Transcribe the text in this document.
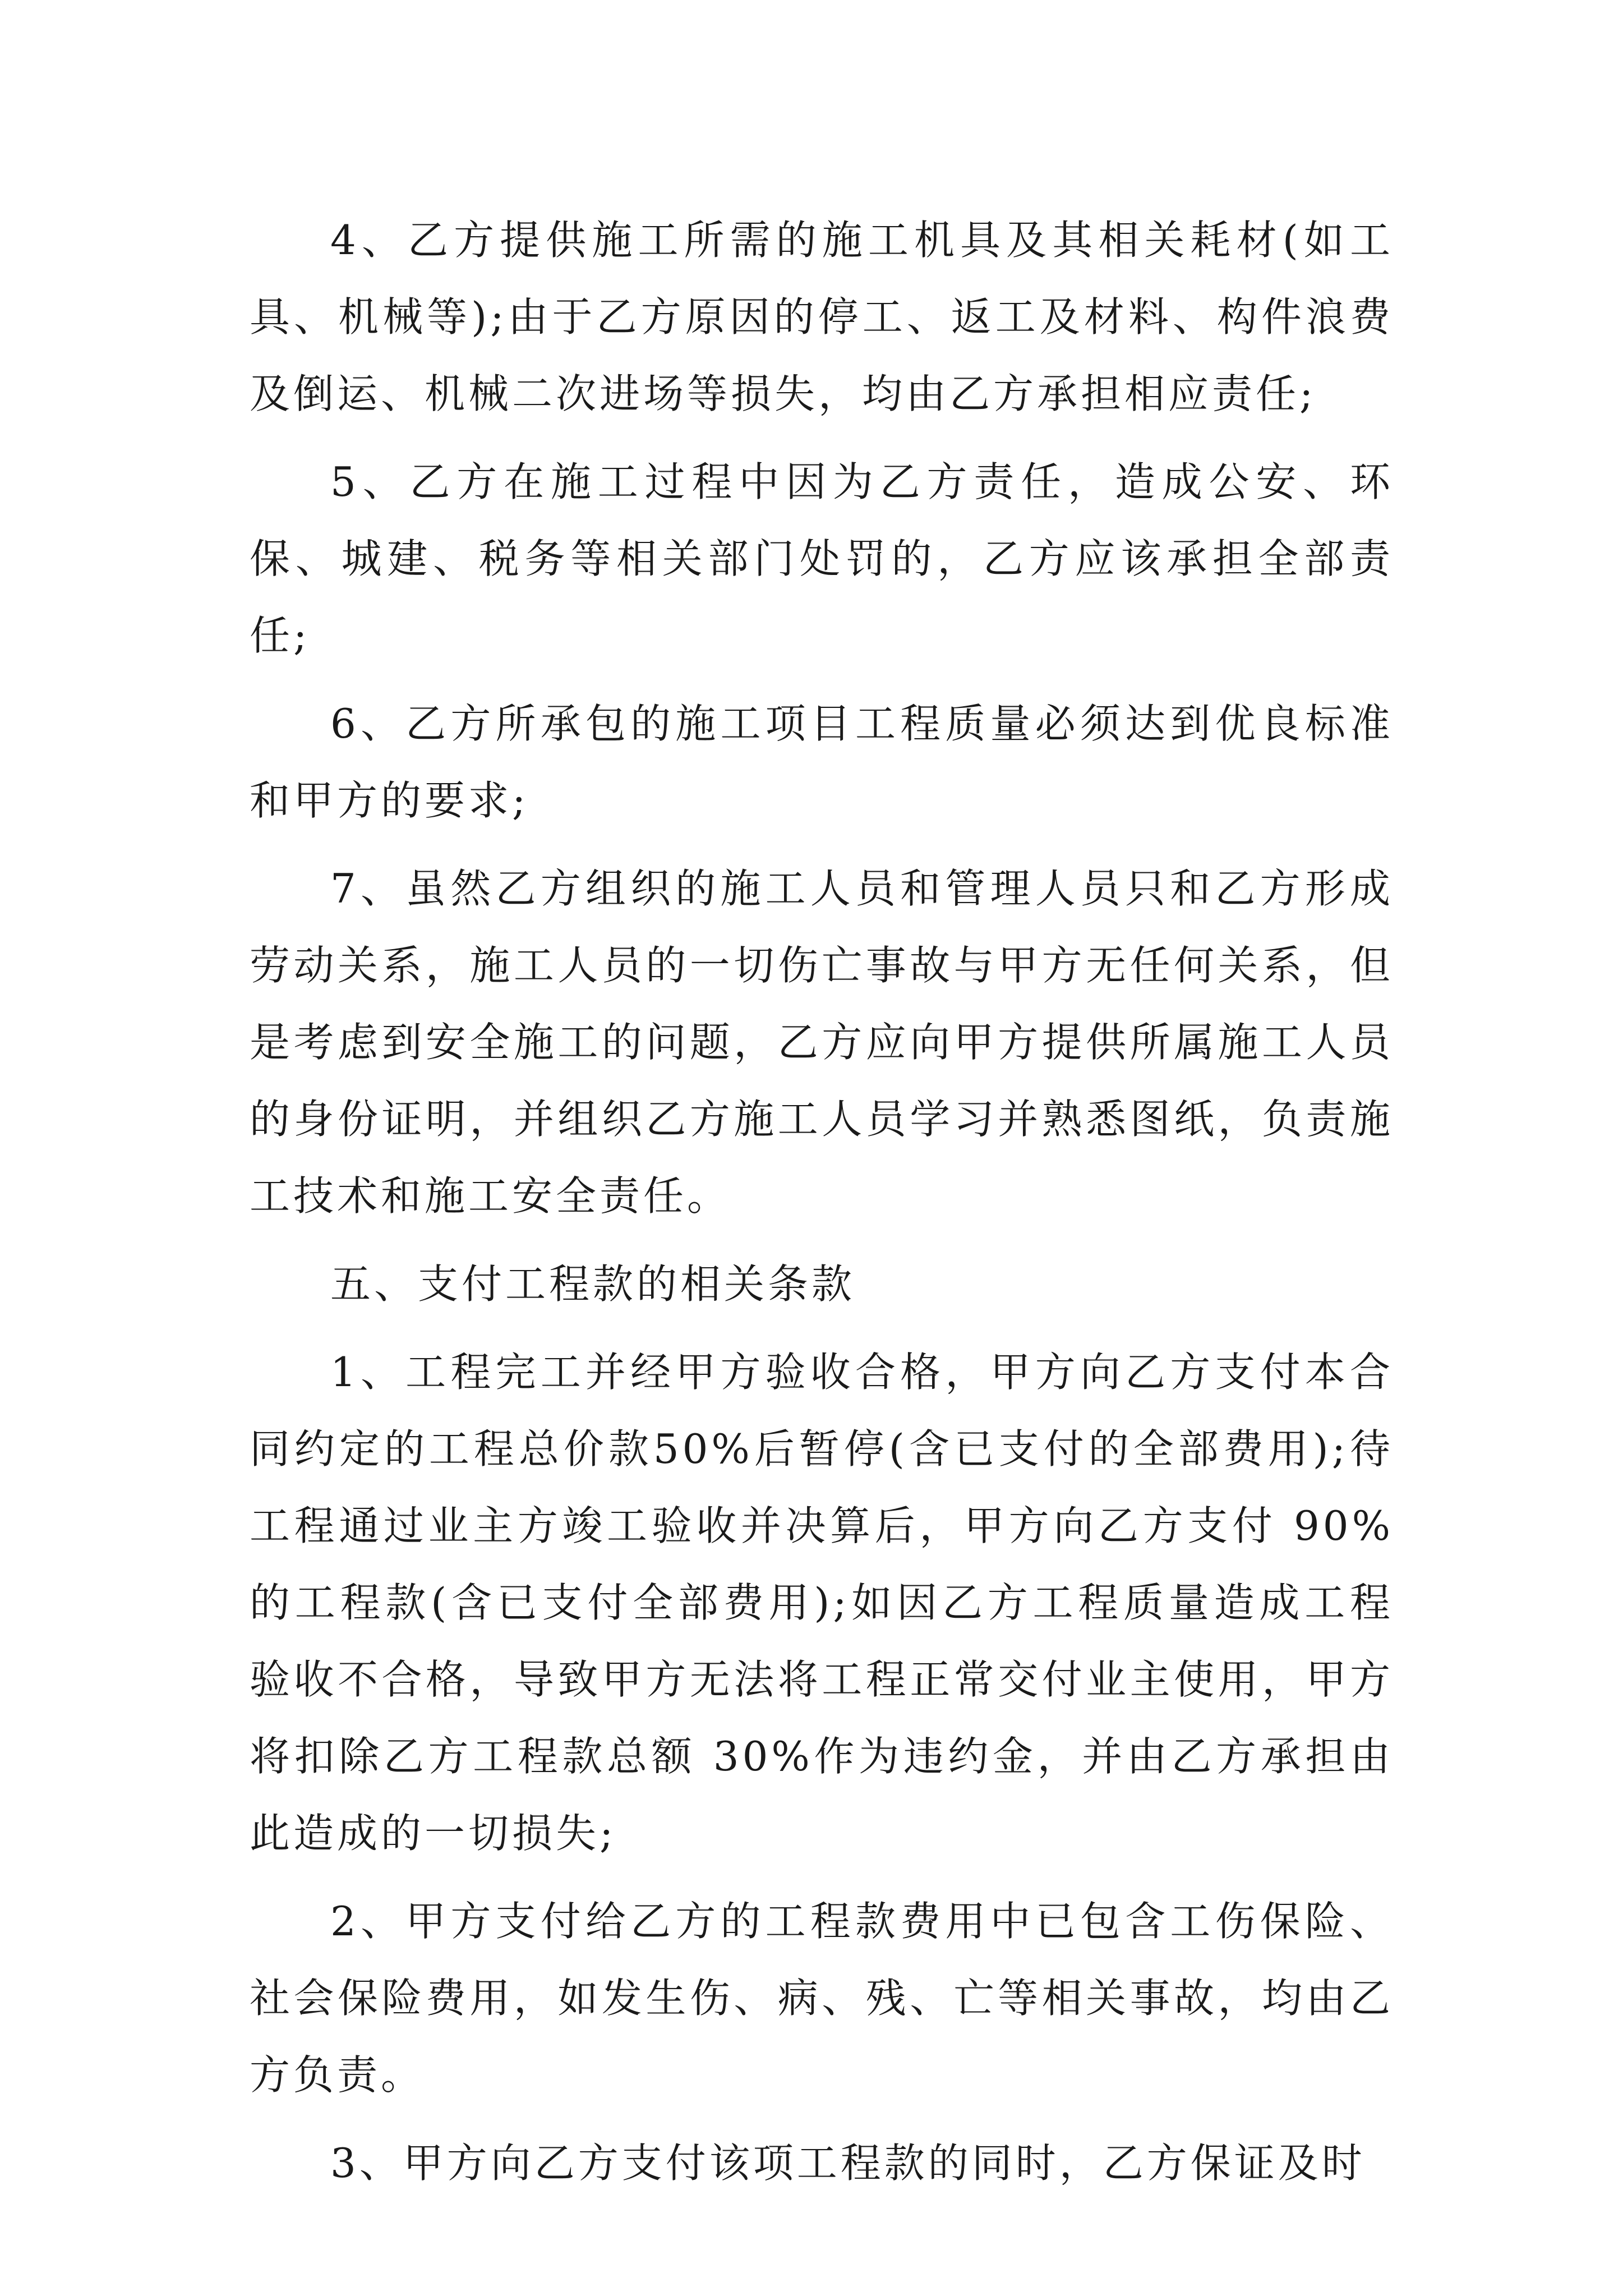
4、乙方提供施工所需的施工机具及其相关耗材(如工具、机械等);由于乙方原因的停工、返工及材料、构件浪费及倒运、机械二次进场等损失，均由乙方承担相应责任;

5、乙方在施工过程中因为乙方责任，造成公安、环保、城建、税务等相关部门处罚的，乙方应该承担全部责任;

6、乙方所承包的施工项目工程质量必须达到优良标准和甲方的要求;

7、虽然乙方组织的施工人员和管理人员只和乙方形成劳动关系，施工人员的一切伤亡事故与甲方无任何关系，但是考虑到安全施工的问题，乙方应向甲方提供所属施工人员的身份证明，并组织乙方施工人员学习并熟悉图纸，负责施工技术和施工安全责任。

五、支付工程款的相关条款

1、工程完工并经甲方验收合格，甲方向乙方支付本合同约定的工程总价款50%后暂停(含已支付的全部费用);待工程通过业主方竣工验收并决算后，甲方向乙方支付 90%的工程款(含已支付全部费用);如因乙方工程质量造成工程验收不合格，导致甲方无法将工程正常交付业主使用，甲方将扣除乙方工程款总额 30%作为违约金，并由乙方承担由此造成的一切损失;

2、甲方支付给乙方的工程款费用中已包含工伤保险、社会保险费用，如发生伤、病、残、亡等相关事故，均由乙方负责。

3、甲方向乙方支付该项工程款的同时，乙方保证及时
